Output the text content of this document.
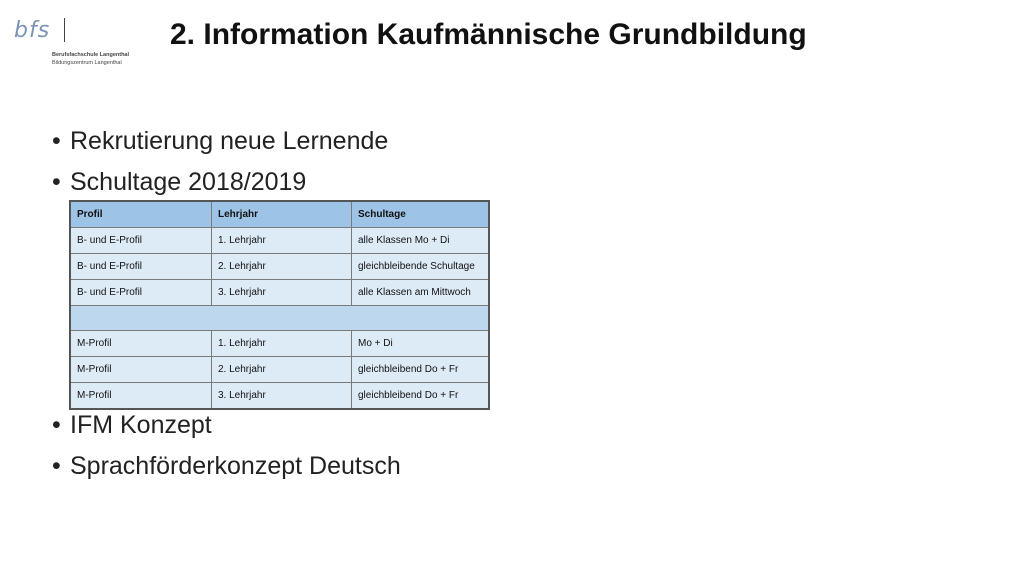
bfs
Berufsfachschule Langenthal
Bildungszentrum Langenthal
2. Information Kaufmännische Grundbildung
• Rekrutierung neue Lernende
• Schultage 2018/2019
• IFM Konzept
• Sprachförderkonzept Deutsch
Profil	Lehrjahr	Schultage
B- und E-Profil	1. Lehrjahr	alle Klassen Mo + Di
B- und E-Profil	2. Lehrjahr	gleichbleibende Schultage
B- und E-Profil	3. Lehrjahr	alle Klassen am Mittwoch

M-Profil	1. Lehrjahr	Mo + Di
M-Profil	2. Lehrjahr	gleichbleibend Do + Fr
M-Profil	3. Lehrjahr	gleichbleibend Do + Fr
